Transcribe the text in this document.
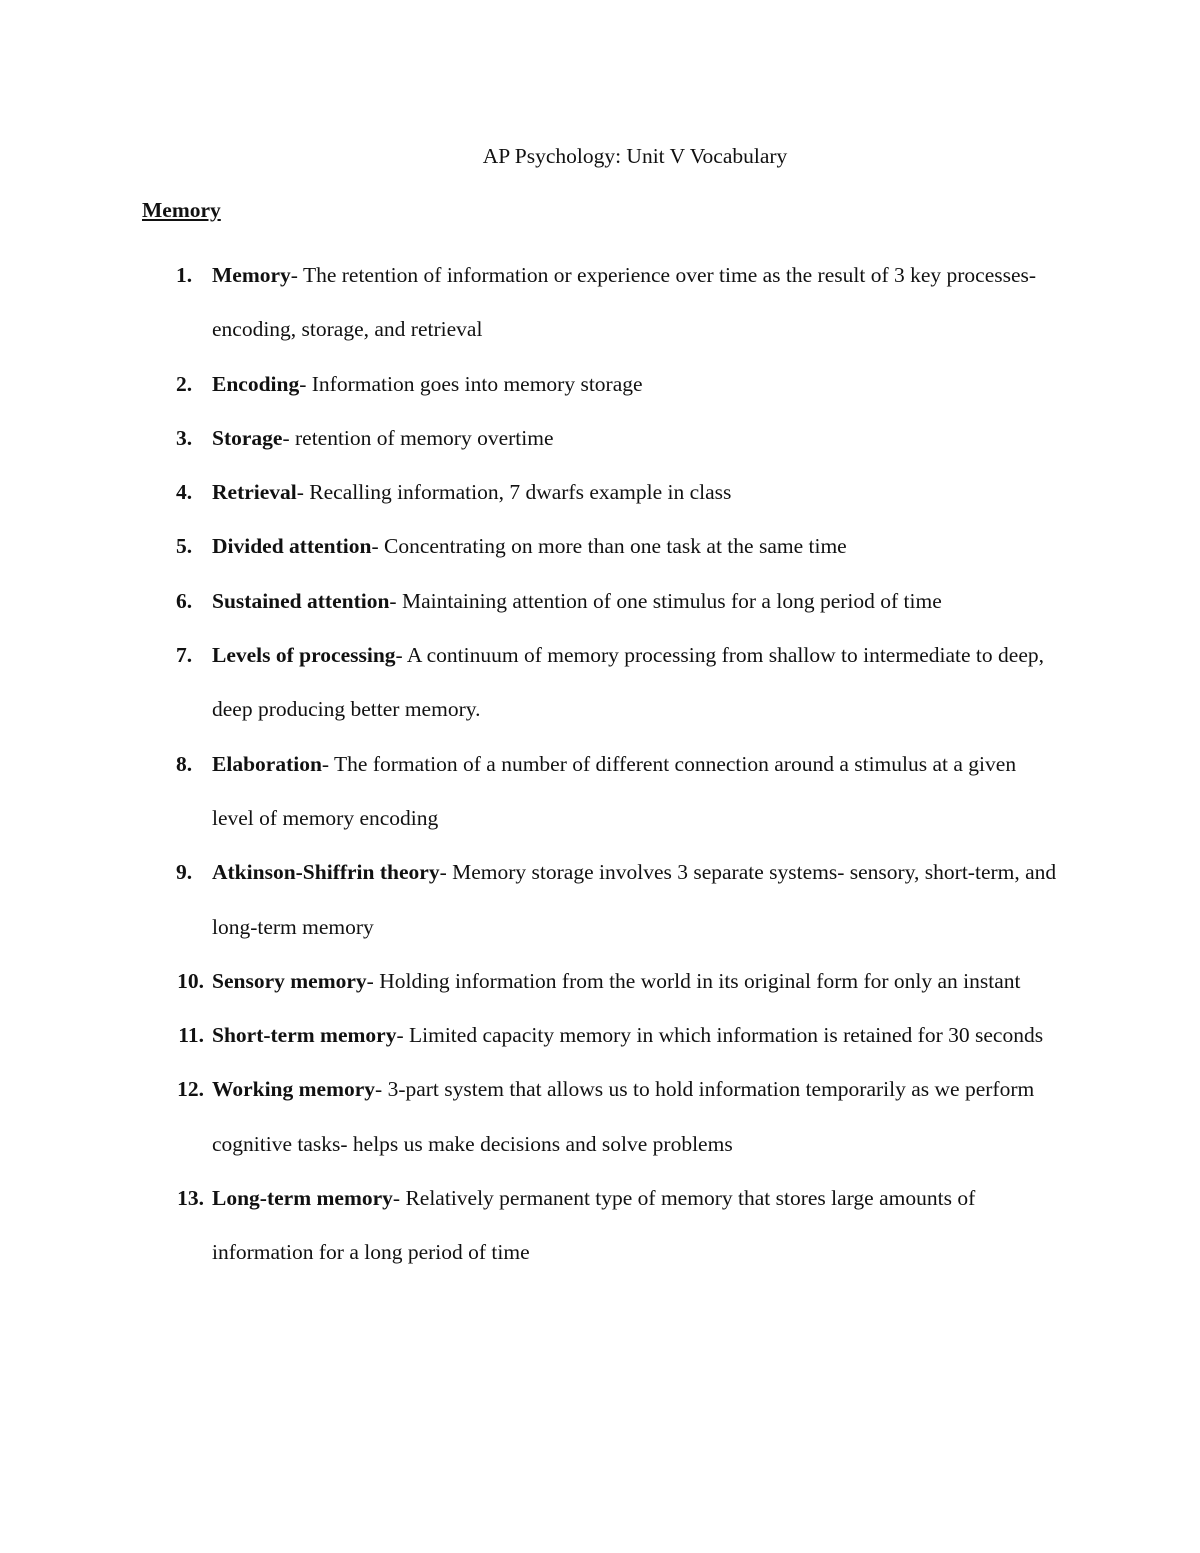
AP Psychology: Unit V Vocabulary
Memory
1. Memory- The retention of information or experience over time as the result of 3 key processes- encoding, storage, and retrieval
2. Encoding- Information goes into memory storage
3. Storage- retention of memory overtime
4. Retrieval- Recalling information, 7 dwarfs example in class
5. Divided attention- Concentrating on more than one task at the same time
6. Sustained attention- Maintaining attention of one stimulus for a long period of time
7. Levels of processing- A continuum of memory processing from shallow to intermediate to deep, deep producing better memory.
8. Elaboration- The formation of a number of different connection around a stimulus at a given level of memory encoding
9. Atkinson-Shiffrin theory- Memory storage involves 3 separate systems- sensory, short-term, and long-term memory
10. Sensory memory- Holding information from the world in its original form for only an instant
11. Short-term memory- Limited capacity memory in which information is retained for 30 seconds
12. Working memory- 3-part system that allows us to hold information temporarily as we perform cognitive tasks- helps us make decisions and solve problems
13. Long-term memory- Relatively permanent type of memory that stores large amounts of information for a long period of time
